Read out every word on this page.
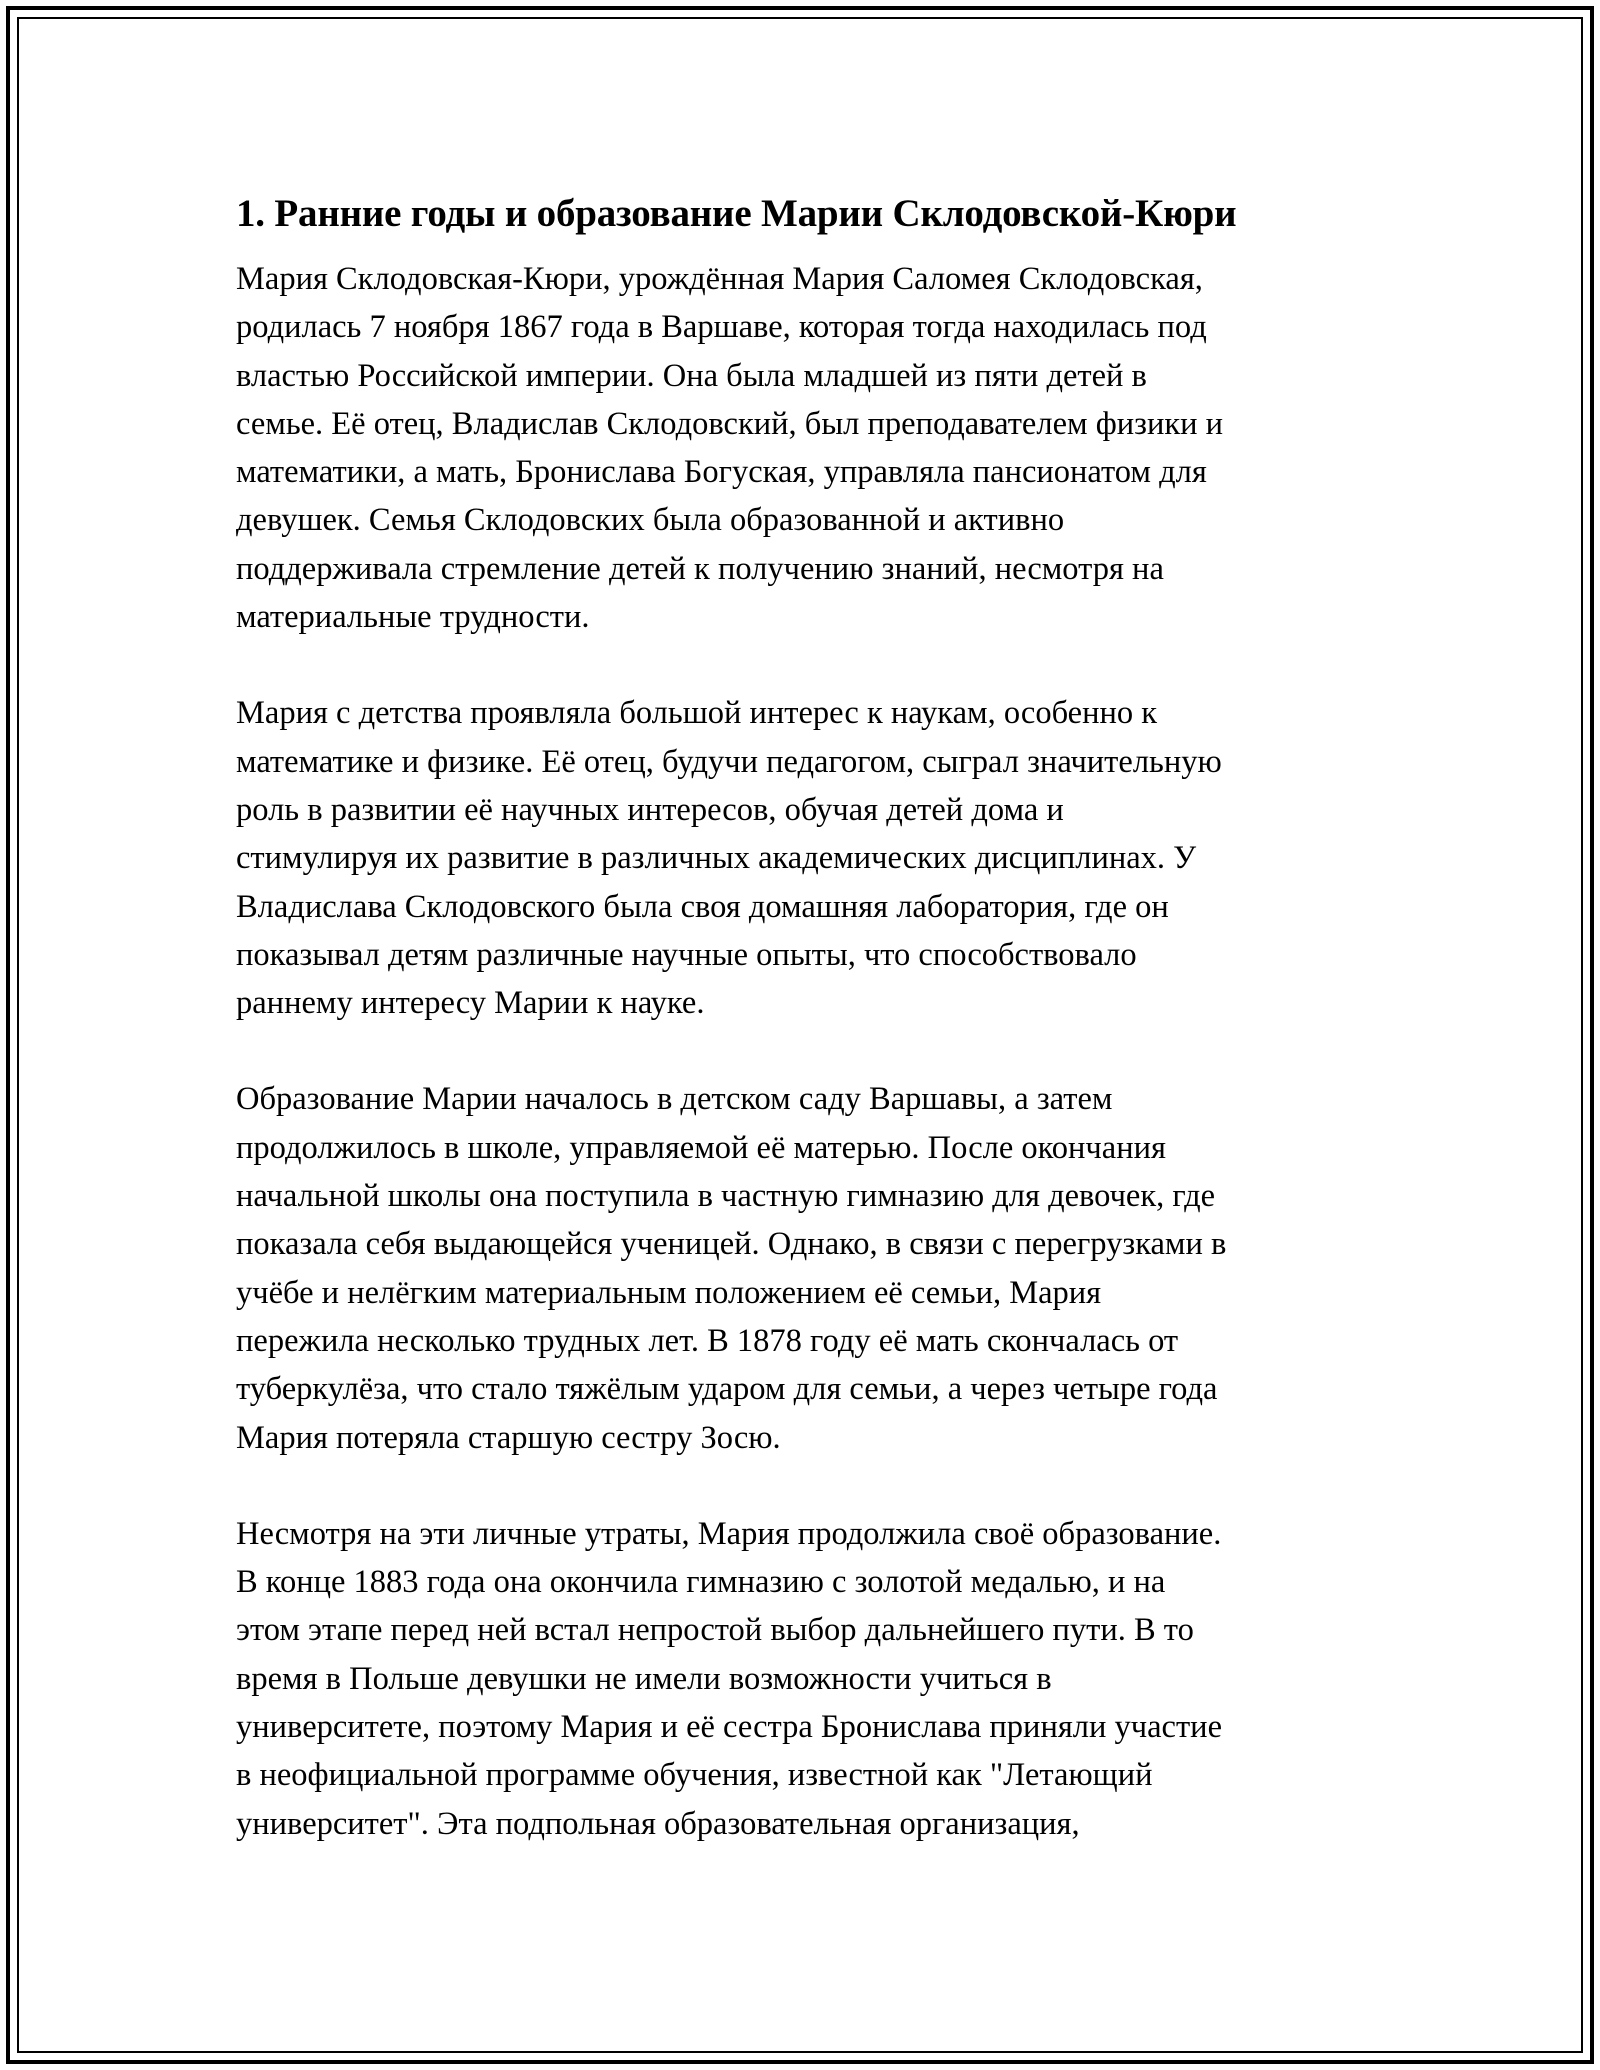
1. Ранние годы и образование Марии Склодовской-Кюри

Мария Склодовская-Кюри, урождённая Мария Саломея Склодовская,
родилась 7 ноября 1867 года в Варшаве, которая тогда находилась под
властью Российской империи. Она была младшей из пяти детей в
семье. Её отец, Владислав Склодовский, был преподавателем физики и
математики, а мать, Бронислава Богуская, управляла пансионатом для
девушек. Семья Склодовских была образованной и активно
поддерживала стремление детей к получению знаний, несмотря на
материальные трудности.

Мария с детства проявляла большой интерес к наукам, особенно к
математике и физике. Её отец, будучи педагогом, сыграл значительную
роль в развитии её научных интересов, обучая детей дома и
стимулируя их развитие в различных академических дисциплинах. У
Владислава Склодовского была своя домашняя лаборатория, где он
показывал детям различные научные опыты, что способствовало
раннему интересу Марии к науке.

Образование Марии началось в детском саду Варшавы, а затем
продолжилось в школе, управляемой её матерью. После окончания
начальной школы она поступила в частную гимназию для девочек, где
показала себя выдающейся ученицей. Однако, в связи с перегрузками в
учёбе и нелёгким материальным положением её семьи, Мария
пережила несколько трудных лет. В 1878 году её мать скончалась от
туберкулёза, что стало тяжёлым ударом для семьи, а через четыре года
Мария потеряла старшую сестру Зосю.

Несмотря на эти личные утраты, Мария продолжила своё образование.
В конце 1883 года она окончила гимназию с золотой медалью, и на
этом этапе перед ней встал непростой выбор дальнейшего пути. В то
время в Польше девушки не имели возможности учиться в
университете, поэтому Мария и её сестра Бронислава приняли участие
в неофициальной программе обучения, известной как "Летающий
университет". Эта подпольная образовательная организация,
